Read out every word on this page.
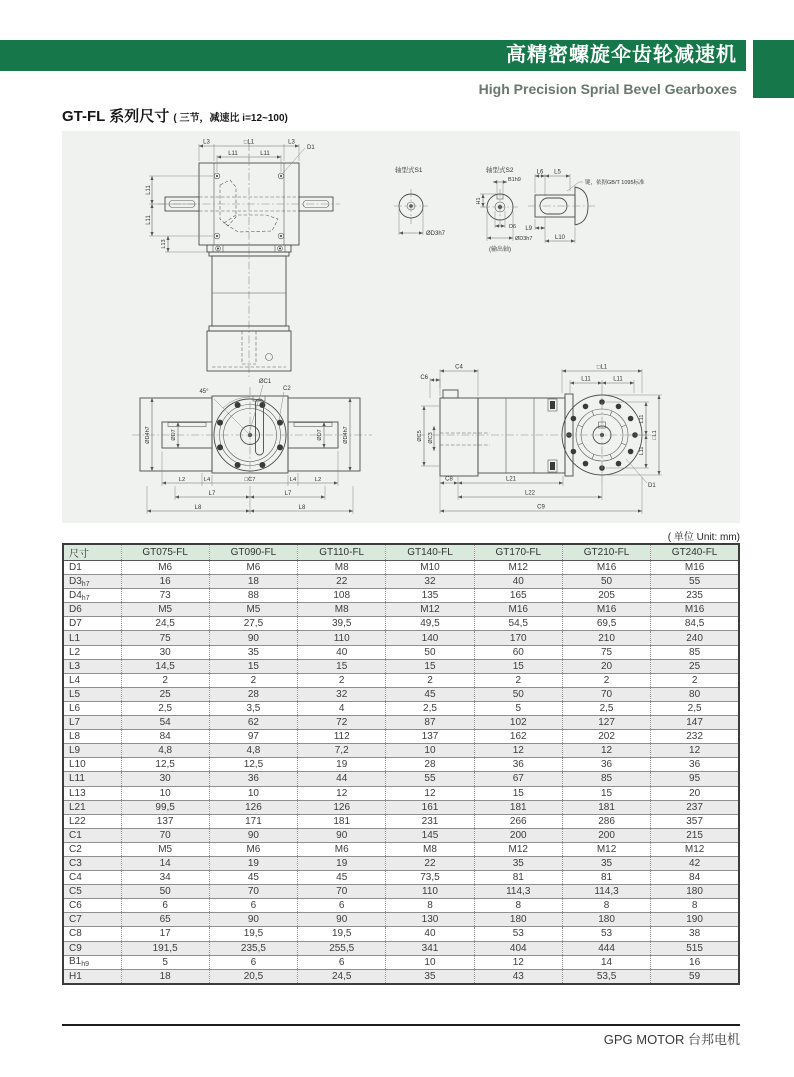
高精密螺旋伞齿轮减速机
High Precision Sprial Bevel Gearboxes
GT-FL 系列尺寸 ( 三节，减速比 i=12~100)
L3	□L1	L3
D1
L11	L11
L11
L11
L13
轴型式S1
ØD3h7
轴型式S2
B1h9
H1
D6
ØD3h7
(输出轴)
L6 L5
键，依据GB/T 1095标准
L9
L10
45°
ØC1
C2
ØD7
ØD4h7	ØD7	ØD4h7
L2	L4	□C7	L4	L2
L7	L7
L8	L8
C4
C6
□L1
L11	L11
ØC5 ØC3
L11
L11
□L1
C8	L21
L22
C9
D1
( 单位 Unit: mm)
尺寸	GT075-FL	GT090-FL	GT110-FL	GT140-FL	GT170-FL	GT210-FL	GT240-FL
D1	M6	M6	M8	M10	M12	M16	M16
$D3_{h7}$	16	18	22	32	40	50	55
$D4_{h7}$	73	88	108	135	165	205	235
D6	M5	M5	M8	M12	M16	M16	M16
D7	24,5	27,5	39,5	49,5	54,5	69,5	84,5
L1	75	90	110	140	170	210	240
L2	30	35	40	50	60	75	85
L3	14,5	15	15	15	15	20	25
L4	2	2	2	2	2	2	2
L5	25	28	32	45	50	70	80
L6	2,5	3,5	4	2,5	5	2,5	2,5
L7	54	62	72	87	102	127	147
L8	84	97	112	137	162	202	232
L9	4,8	4,8	7,2	10	12	12	12
L10	12,5	12,5	19	28	36	36	36
L11	30	36	44	55	67	85	95
L13	10	10	12	12	15	15	20
L21	99,5	126	126	161	181	181	237
L22	137	171	181	231	266	286	357
C1	70	90	90	145	200	200	215
C2	M5	M6	M6	M8	M12	M12	M12
C3	14	19	19	22	35	35	42
C4	34	45	45	73,5	81	81	84
C5	50	70	70	110	114,3	114,3	180
C6	6	6	6	8	8	8	8
C7	65	90	90	130	180	180	190
C8	17	19,5	19,5	40	53	53	38
C9	191,5	235,5	255,5	341	404	444	515
$B1_{h9}$	5	6	6	10	12	14	16
H1	18	20,5	24,5	35	43	53,5	59
GPG MOTOR 台邦电机
